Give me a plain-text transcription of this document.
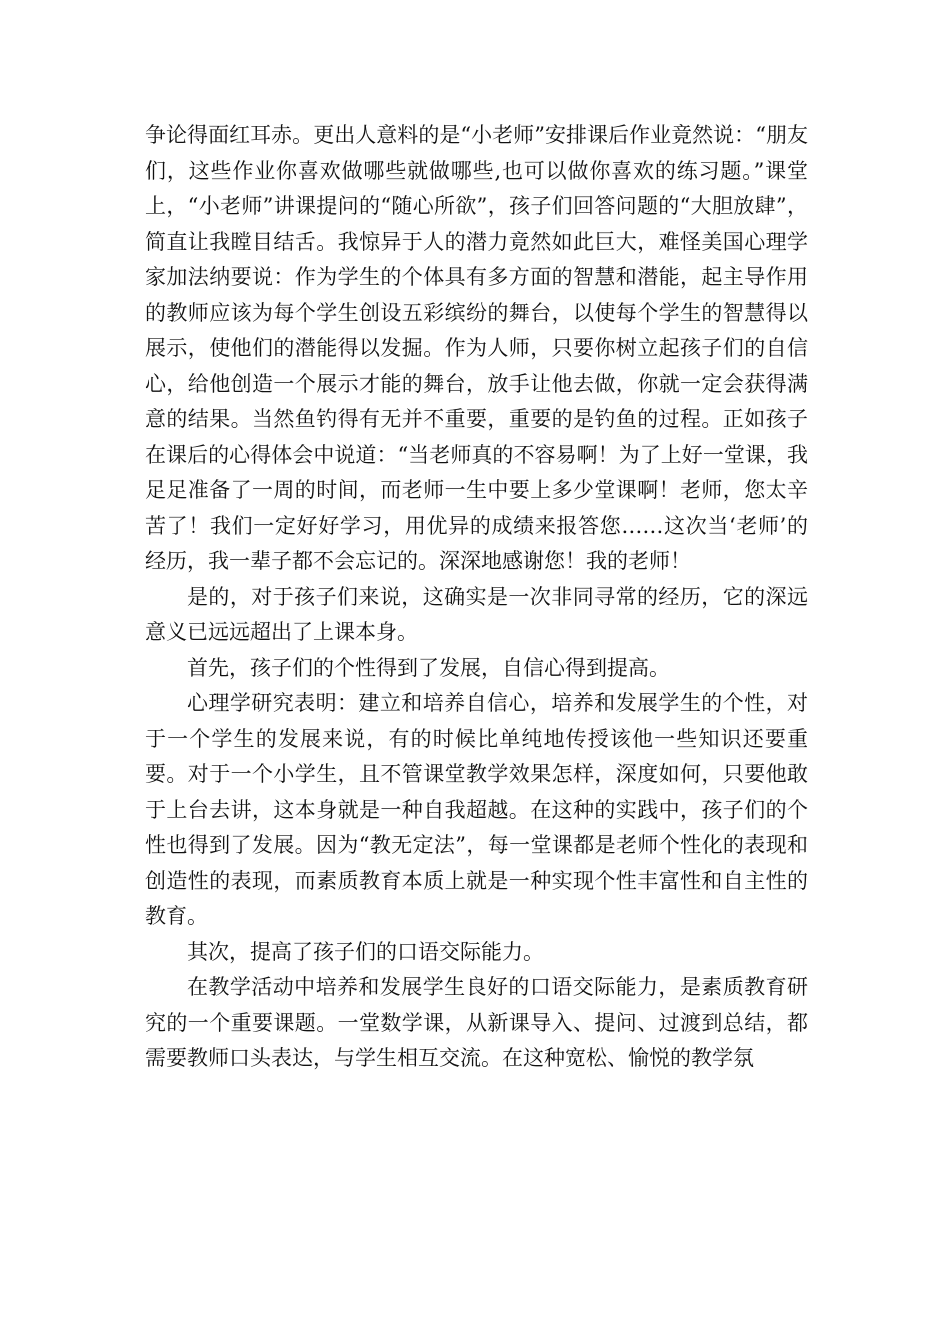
争论得面红耳赤。更出人意料的是“小老师”安排课后作业竟然说：“朋友们，这些作业你喜欢做哪些就做哪些,也可以做你喜欢的练习题。”课堂上，“小老师”讲课提问的“随心所欲”，孩子们回答问题的“大胆放肆”，简直让我瞠目结舌。我惊异于人的潜力竟然如此巨大，难怪美国心理学家加法纳要说：作为学生的个体具有多方面的智慧和潜能，起主导作用的教师应该为每个学生创设五彩缤纷的舞台，以使每个学生的智慧得以展示，使他们的潜能得以发掘。作为人师，只要你树立起孩子们的自信心，给他创造一个展示才能的舞台，放手让他去做，你就一定会获得满意的结果。当然鱼钓得有无并不重要，重要的是钓鱼的过程。正如孩子在课后的心得体会中说道：“当老师真的不容易啊！为了上好一堂课，我足足准备了一周的时间，而老师一生中要上多少堂课啊！老师，您太辛苦了！我们一定好好学习，用优异的成绩来报答您……这次当‘老师’的经历，我一辈子都不会忘记的。深深地感谢您！我的老师！

是的，对于孩子们来说，这确实是一次非同寻常的经历，它的深远意义已远远超出了上课本身。

首先，孩子们的个性得到了发展，自信心得到提高。

心理学研究表明：建立和培养自信心，培养和发展学生的个性，对于一个学生的发展来说，有的时候比单纯地传授该他一些知识还要重要。对于一个小学生，且不管课堂教学效果怎样，深度如何，只要他敢于上台去讲，这本身就是一种自我超越。在这种的实践中，孩子们的个性也得到了发展。因为“教无定法”，每一堂课都是老师个性化的表现和创造性的表现，而素质教育本质上就是一种实现个性丰富性和自主性的教育。

其次，提高了孩子们的口语交际能力。

在教学活动中培养和发展学生良好的口语交际能力，是素质教育研究的一个重要课题。一堂数学课，从新课导入、提问、过渡到总结，都需要教师口头表达，与学生相互交流。在这种宽松、愉悦的教学氛
